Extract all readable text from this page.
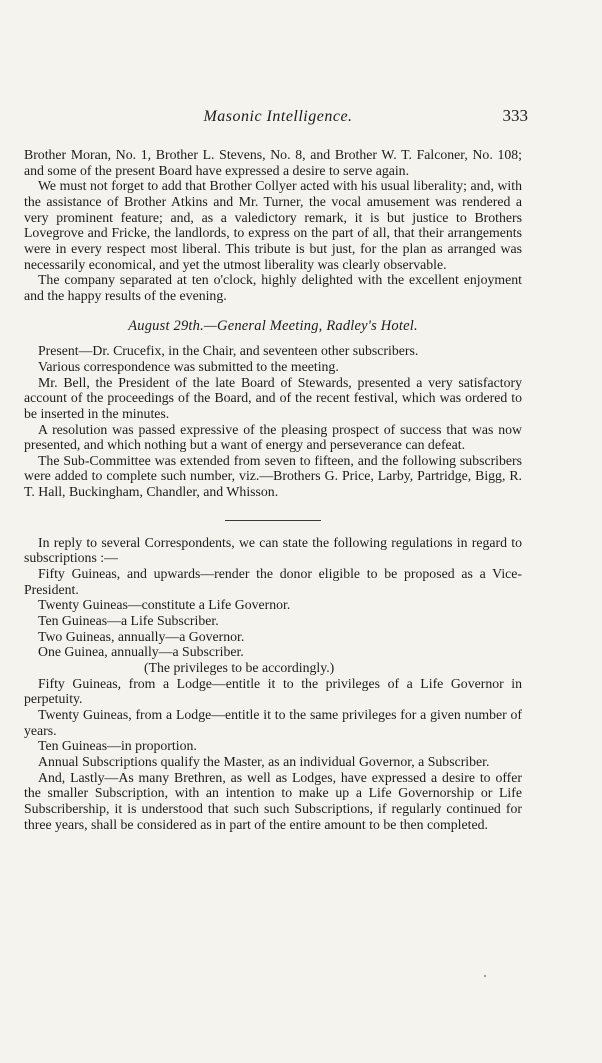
Masonic Intelligence.	333

Brother Moran, No. 1, Brother L. Stevens, No. 8, and Brother W. T. Falconer, No. 108; and some of the present Board have expressed a desire to serve again.

We must not forget to add that Brother Collyer acted with his usual liberality; and, with the assistance of Brother Atkins and Mr. Turner, the vocal amusement was rendered a very prominent feature; and, as a valedictory remark, it is but justice to Brothers Lovegrove and Fricke, the landlords, to express on the part of all, that their arrangements were in every respect most liberal. This tribute is but just, for the plan as arranged was necessarily economical, and yet the utmost liberality was clearly observable.

The company separated at ten o'clock, highly delighted with the excellent enjoyment and the happy results of the evening.

August 29th.—General Meeting, Radley's Hotel.

Present—Dr. Crucefix, in the Chair, and seventeen other subscribers.

Various correspondence was submitted to the meeting.

Mr. Bell, the President of the late Board of Stewards, presented a very satisfactory account of the proceedings of the Board, and of the recent festival, which was ordered to be inserted in the minutes.

A resolution was passed expressive of the pleasing prospect of success that was now presented, and which nothing but a want of energy and perseverance can defeat.

The Sub-Committee was extended from seven to fifteen, and the following subscribers were added to complete such number, viz.—Brothers G. Price, Larby, Partridge, Bigg, R. T. Hall, Buckingham, Chandler, and Whisson.

In reply to several Correspondents, we can state the following regulations in regard to subscriptions :—

Fifty Guineas, and upwards—render the donor eligible to be proposed as a Vice-President.

Twenty Guineas—constitute a Life Governor.

Ten Guineas—a Life Subscriber.

Two Guineas, annually—a Governor.

One Guinea, annually—a Subscriber.

(The privileges to be accordingly.)

Fifty Guineas, from a Lodge—entitle it to the privileges of a Life Governor in perpetuity.

Twenty Guineas, from a Lodge—entitle it to the same privileges for a given number of years.

Ten Guineas—in proportion.

Annual Subscriptions qualify the Master, as an individual Governor, a Subscriber.

And, Lastly—As many Brethren, as well as Lodges, have expressed a desire to offer the smaller Subscription, with an intention to make up a Life Governorship or Life Subscribership, it is understood that such such Subscriptions, if regularly continued for three years, shall be considered as in part of the entire amount to be then completed.
